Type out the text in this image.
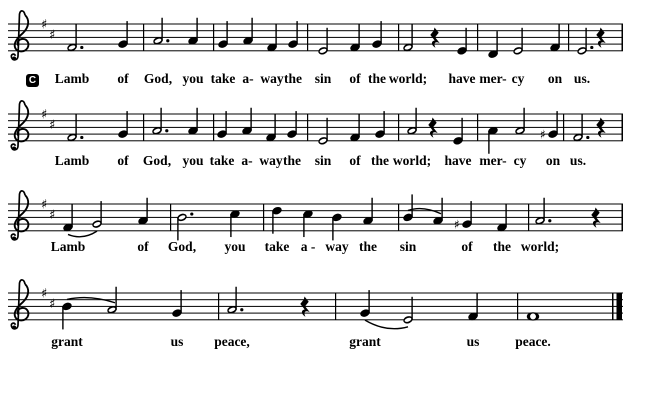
♯
♯
♯
♯
♯
♯
♯
♯
♯
♯
Lamb of God, you take a- way the sin of the world; have mer- cy on us.
Lamb of God, you take a- way the sin of the world; have mer- cy on us.
Lamb	of God, you take a - way the sin	of the world;
grant	us peace,	grant	us	peace.
C
